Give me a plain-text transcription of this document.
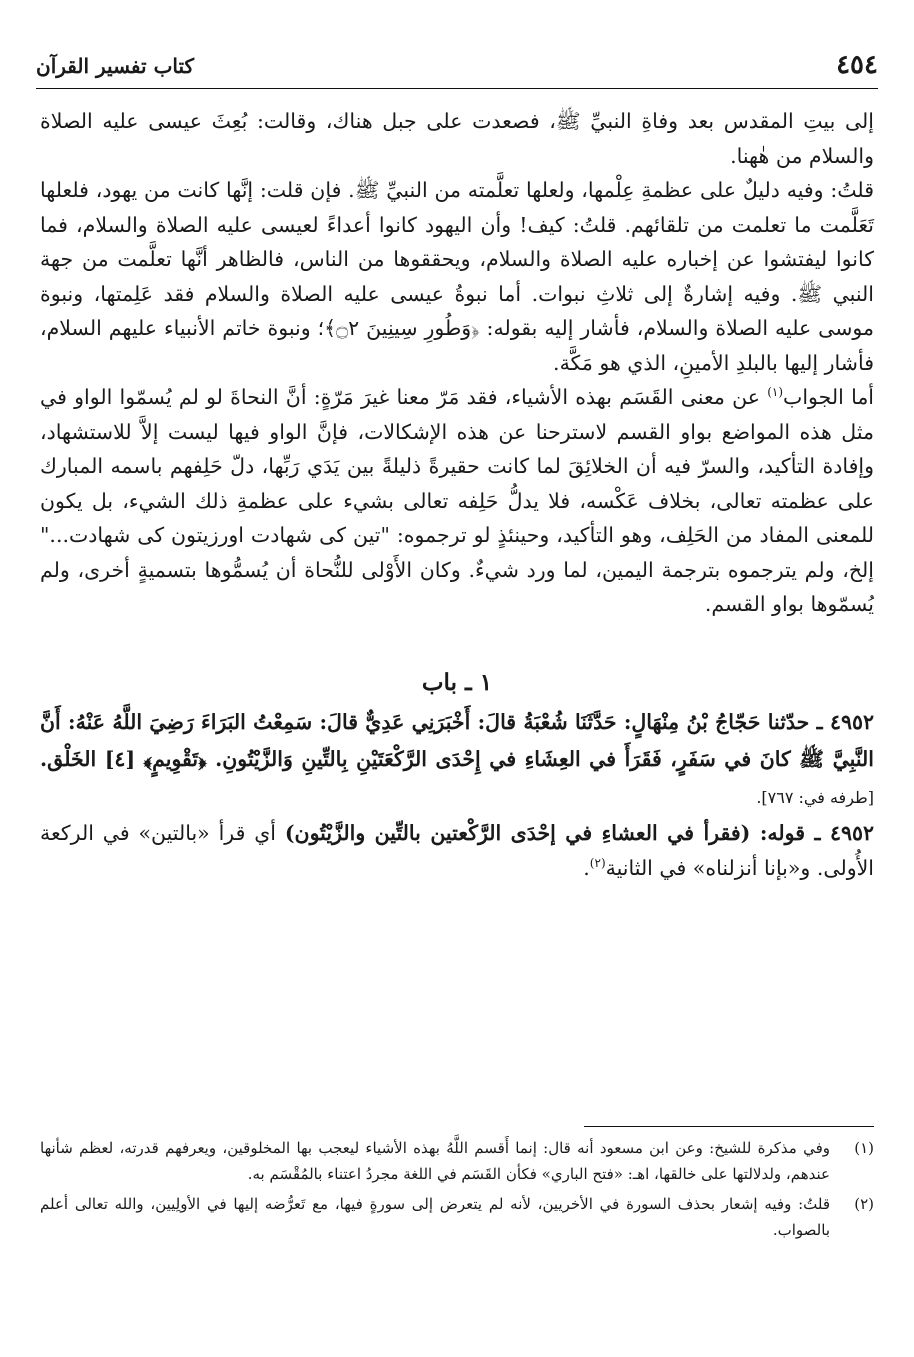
٤٥٤
كتاب تفسير القرآن

إلى بيتِ المقدس بعد وفاةِ النبيِّ ﷺ، فصعدت على جبل هناك، وقالت: بُعِثَ عيسى عليه الصلاة والسلام من هٰهنا.

قلتُ: وفيه دليلٌ على عظمةِ عِلْمها، ولعلها تعلَّمته من النبيِّ ﷺ. فإن قلت: إنَّها كانت من يهود، فلعلها تَعَلَّمت ما تعلمت من تلقائهم. قلتُ: كيف! وأن اليهود كانوا أعداءً لعيسى عليه الصلاة والسلام، فما كانوا ليفتشوا عن إخباره عليه الصلاة والسلام، ويحققوها من الناس، فالظاهر أنَّها تعلَّمت من جهة النبي ﷺ. وفيه إشارةٌ إلى ثلاثِ نبوات. أما نبوةُ عيسى عليه الصلاة والسلام فقد عَلِمتها، ونبوة موسى عليه الصلاة والسلام، فأشار إليه بقوله: ﴿وَطُورِ سِينِينَ ۝٢﴾؛ ونبوة خاتم الأنبياء عليهم السلام، فأشار إليها بالبلدِ الأمينِ، الذي هو مَكَّة.

أما الجواب$^{(١)}$ عن معنى القَسَم بهذه الأشياء، فقد مَرّ معنا غيرَ مَرّةٍ: أنَّ النحاةَ لو لم يُسمّوا الواو في مثل هذه المواضع بواو القسم لاسترحنا عن هذه الإشكالات، فإنَّ الواو فيها ليست إلاَّ للاستشهاد، وإفادة التأكيد، والسرّ فيه أن الخلائِقَ لما كانت حقيرةً ذليلةً بين يَدَي رَبِّها، دلّ حَلِفهم باسمه المبارك على عظمته تعالى، بخلاف عَكْسه، فلا يدلُّ حَلِفه تعالى بشيء على عظمةِ ذلك الشيء، بل يكون للمعنى المفاد من الحَلِف، وهو التأكيد، وحينئذٍ لو ترجموه: "تين كى شهادت اورزيتون كى شهادت..." إلخ، ولم يترجموه بترجمة اليمين، لما ورد شيءٌ. وكان الأَوْلى للنُّحاة أن يُسمُّوها بتسميةٍ أخرى، ولم يُسمّوها بواو القسم.

١ ـ باب

٤٩٥٢ ـ حدّثنا حَجّاجُ بْنُ مِنْهَالٍ: حَدَّثَنَا شُعْبَةُ قالَ: أَخْبَرَنِي عَدِيٌّ قالَ: سَمِعْتُ البَرَاءَ رَضِيَ اللَّهُ عَنْهُ: أَنَّ النَّبِيَّ ﷺ كانَ في سَفَرٍ، فَقَرَأَ في العِشَاءِ في إِحْدَى الرَّكْعَتَيْنِ بِالتِّينِ وَالزَّيْتُونِ. ﴿تَقْوِيمٍ﴾ [٤] الخَلْق. [طرفه في: ٧٦٧].

٤٩٥٢ ـ قوله: (فقرأ في العشاءِ في إحْدَى الرَّكْعتين بالتِّين والزَّيْتُون) أي قرأ «بالتين» في الركعة الأُولى. و«بإنا أنزلناه» في الثانية$^{(٢)}$.

(١)
وفي مذكرة للشيخ: وعن ابن مسعود أنه قال: إنما أَقسم اللَّهُ بهذه الأشياء ليعجب بها المخلوقين، ويعرفهم قدرته، لعظم شأنها عندهم، ولدلالتها على خالقها، اهـ: «فتح الباري» فكأن القَسَم في اللغة مجردُ اعتناء بالمُقْسَم به.
(٢)
قلتُ: وفيه إشعار بحذف السورة في الأخريين، لأنه لم يتعرض إلى سورةٍ فيها، مع تَعرُّضه إليها في الأولِيين، والله تعالى أعلم بالصواب.
